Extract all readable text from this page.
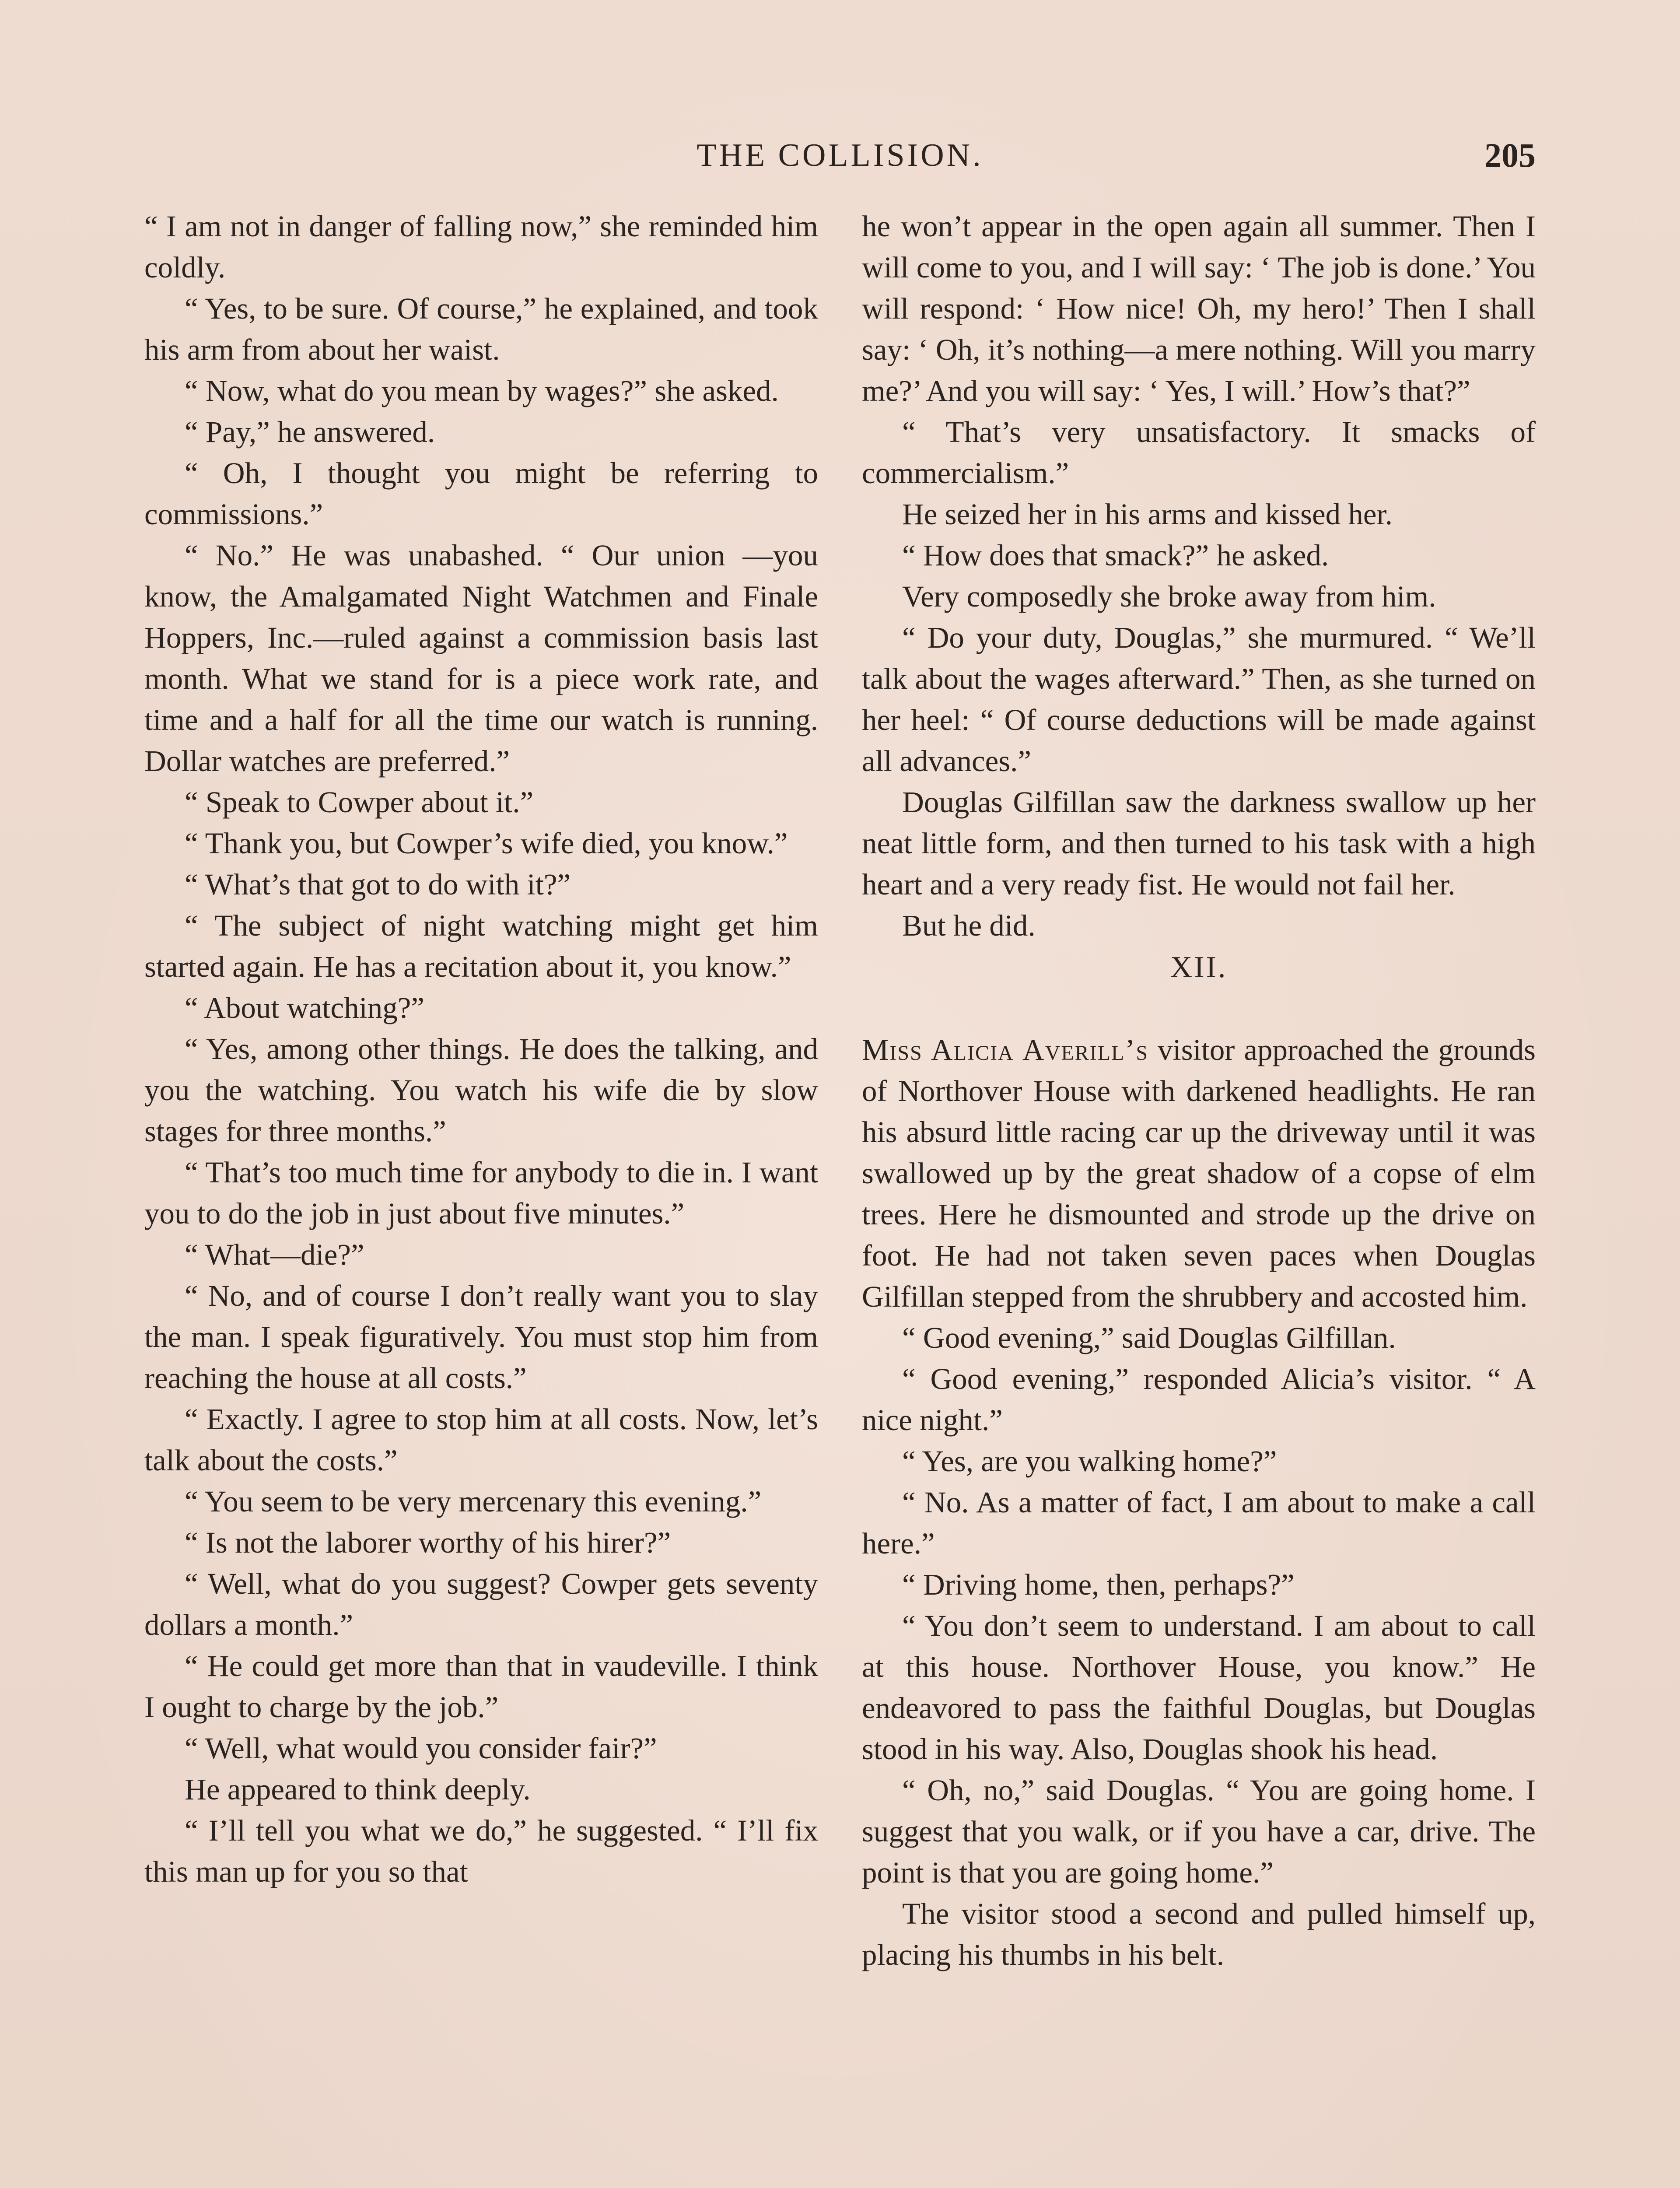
THE COLLISION.	205

“ I am not in danger of falling now,” she reminded him coldly.

“ Yes, to be sure. Of course,” he explained, and took his arm from about her waist.

“ Now, what do you mean by wages?” she asked.

“ Pay,” he answered.

“ Oh, I thought you might be referring to commissions.”

“ No.” He was unabashed. “ Our union —you know, the Amalgamated Night Watchmen and Finale Hoppers, Inc.—ruled against a commission basis last month. What we stand for is a piece work rate, and time and a half for all the time our watch is running. Dollar watches are preferred.”

“ Speak to Cowper about it.”

“ Thank you, but Cowper’s wife died, you know.”

“ What’s that got to do with it?”

“ The subject of night watching might get him started again. He has a recitation about it, you know.”

“ About watching?”

“ Yes, among other things. He does the talking, and you the watching. You watch his wife die by slow stages for three months.”

“ That’s too much time for anybody to die in. I want you to do the job in just about five minutes.”

“ What—die?”

“ No, and of course I don’t really want you to slay the man. I speak figuratively. You must stop him from reaching the house at all costs.”

“ Exactly. I agree to stop him at all costs. Now, let’s talk about the costs.”

“ You seem to be very mercenary this evening.”

“ Is not the laborer worthy of his hirer?”

“ Well, what do you suggest? Cowper gets seventy dollars a month.”

“ He could get more than that in vaudeville. I think I ought to charge by the job.”

“ Well, what would you consider fair?”

He appeared to think deeply.

“ I’ll tell you what we do,” he suggested. “ I’ll fix this man up for you so that

he won’t appear in the open again all summer. Then I will come to you, and I will say: ‘ The job is done.’ You will respond: ‘ How nice! Oh, my hero!’ Then I shall say: ‘ Oh, it’s nothing—a mere nothing. Will you marry me?’ And you will say: ‘ Yes, I will.’ How’s that?”

“ That’s very unsatisfactory. It smacks of commercialism.”

He seized her in his arms and kissed her.

“ How does that smack?” he asked.

Very composedly she broke away from him.

“ Do your duty, Douglas,” she murmured. “ We’ll talk about the wages afterward.” Then, as she turned on her heel: “ Of course deductions will be made against all advances.”

Douglas Gilfillan saw the darkness swallow up her neat little form, and then turned to his task with a high heart and a very ready fist. He would not fail her.

But he did.

XII.

Miss Alicia Averill’s visitor approached the grounds of Northover House with darkened headlights. He ran his absurd little racing car up the driveway until it was swallowed up by the great shadow of a copse of elm trees. Here he dismounted and strode up the drive on foot. He had not taken seven paces when Douglas Gilfillan stepped from the shrubbery and accosted him.

“ Good evening,” said Douglas Gilfillan.

“ Good evening,” responded Alicia’s visitor. “ A nice night.”

“ Yes, are you walking home?”

“ No. As a matter of fact, I am about to make a call here.”

“ Driving home, then, perhaps?”

“ You don’t seem to understand. I am about to call at this house. Northover House, you know.” He endeavored to pass the faithful Douglas, but Douglas stood in his way. Also, Douglas shook his head.

“ Oh, no,” said Douglas. “ You are going home. I suggest that you walk, or if you have a car, drive. The point is that you are going home.”

The visitor stood a second and pulled himself up, placing his thumbs in his belt.
